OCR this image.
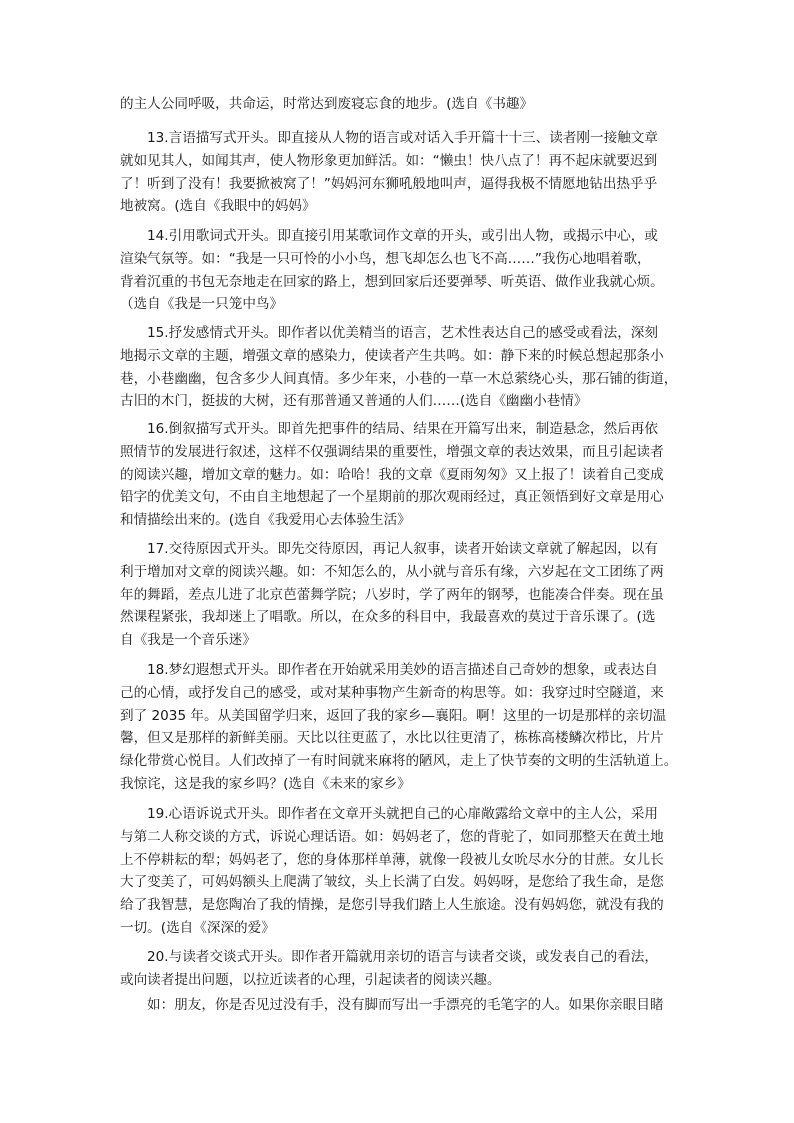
的主人公同呼吸，共命运，时常达到废寝忘食的地步。(选自《书趣》

13.言语描写式开头。即直接从人物的语言或对话入手开篇十十三、读者刚一接触文章
就如见其人，如闻其声，使人物形象更加鲜活。如：“懒虫！快八点了！再不起床就要迟到
了！听到了没有！我要掀被窝了！”妈妈河东狮吼般地叫声，逼得我极不情愿地钻出热乎乎
地被窝。(选自《我眼中的妈妈》

14.引用歌词式开头。即直接引用某歌词作文章的开头，或引出人物，或揭示中心，或
渲染气氛等。如：“我是一只可怜的小小鸟，想飞却怎么也飞不高……”我伤心地唱着歌，
背着沉重的书包无奈地走在回家的路上，想到回家后还要弹琴、听英语、做作业我就心烦。
（选自《我是一只笼中鸟》

15.抒发感情式开头。即作者以优美精当的语言，艺术性表达自己的感受或看法，深刻
地揭示文章的主题，增强文章的感染力，使读者产生共鸣。如：静下来的时候总想起那条小
巷，小巷幽幽，包含多少人间真情。多少年来，小巷的一草一木总萦绕心头，那石铺的街道，
古旧的木门，挺拔的大树，还有那普通又普通的人们……(选自《幽幽小巷情》

16.倒叙描写式开头。即首先把事件的结局、结果在开篇写出来，制造悬念，然后再依
照情节的发展进行叙述，这样不仅强调结果的重要性，增强文章的表达效果，而且引起读者
的阅读兴趣，增加文章的魅力。如：哈哈！我的文章《夏雨匆匆》又上报了！读着自己变成
铅字的优美文句，不由自主地想起了一个星期前的那次观雨经过，真正领悟到好文章是用心
和情描绘出来的。(选自《我爱用心去体验生活》

17.交待原因式开头。即先交待原因，再记人叙事，读者开始读文章就了解起因，以有
利于增加对文章的阅读兴趣。如：不知怎么的，从小就与音乐有缘，六岁起在文工团练了两
年的舞蹈，差点儿进了北京芭蕾舞学院；八岁时，学了两年的钢琴，也能凑合伴奏。现在虽
然课程紧张，我却迷上了唱歌。所以，在众多的科目中，我最喜欢的莫过于音乐课了。(选
自《我是一个音乐迷》

18.梦幻遐想式开头。即作者在开始就采用美妙的语言描述自己奇妙的想象，或表达自
己的心情，或抒发自己的感受，或对某种事物产生新奇的构思等。如：我穿过时空隧道，来
到了 2035 年。从美国留学归来，返回了我的家乡—襄阳。啊！这里的一切是那样的亲切温
馨，但又是那样的新鲜美丽。天比以往更蓝了，水比以往更清了，栋栋高楼鳞次栉比，片片
绿化带赏心悦目。人们改掉了一有时间就来麻将的陋风，走上了快节奏的文明的生活轨道上。
我惊诧，这是我的家乡吗？(选自《未来的家乡》

19.心语诉说式开头。即作者在文章开头就把自己的心扉敞露给文章中的主人公，采用
与第二人称交谈的方式，诉说心理话语。如：妈妈老了，您的背驼了，如同那整天在黄土地
上不停耕耘的犁；妈妈老了，您的身体那样单薄，就像一段被儿女吮尽水分的甘蔗。女儿长
大了变美了，可妈妈额头上爬满了皱纹，头上长满了白发。妈妈呀，是您给了我生命，是您
给了我智慧，是您陶冶了我的情操，是您引导我们踏上人生旅途。没有妈妈您，就没有我的
一切。(选自《深深的爱》

20.与读者交谈式开头。即作者开篇就用亲切的语言与读者交谈，或发表自己的看法，
或向读者提出问题，以拉近读者的心理，引起读者的阅读兴趣。

如：朋友，你是否见过没有手，没有脚而写出一手漂亮的毛笔字的人。如果你亲眼目睹
